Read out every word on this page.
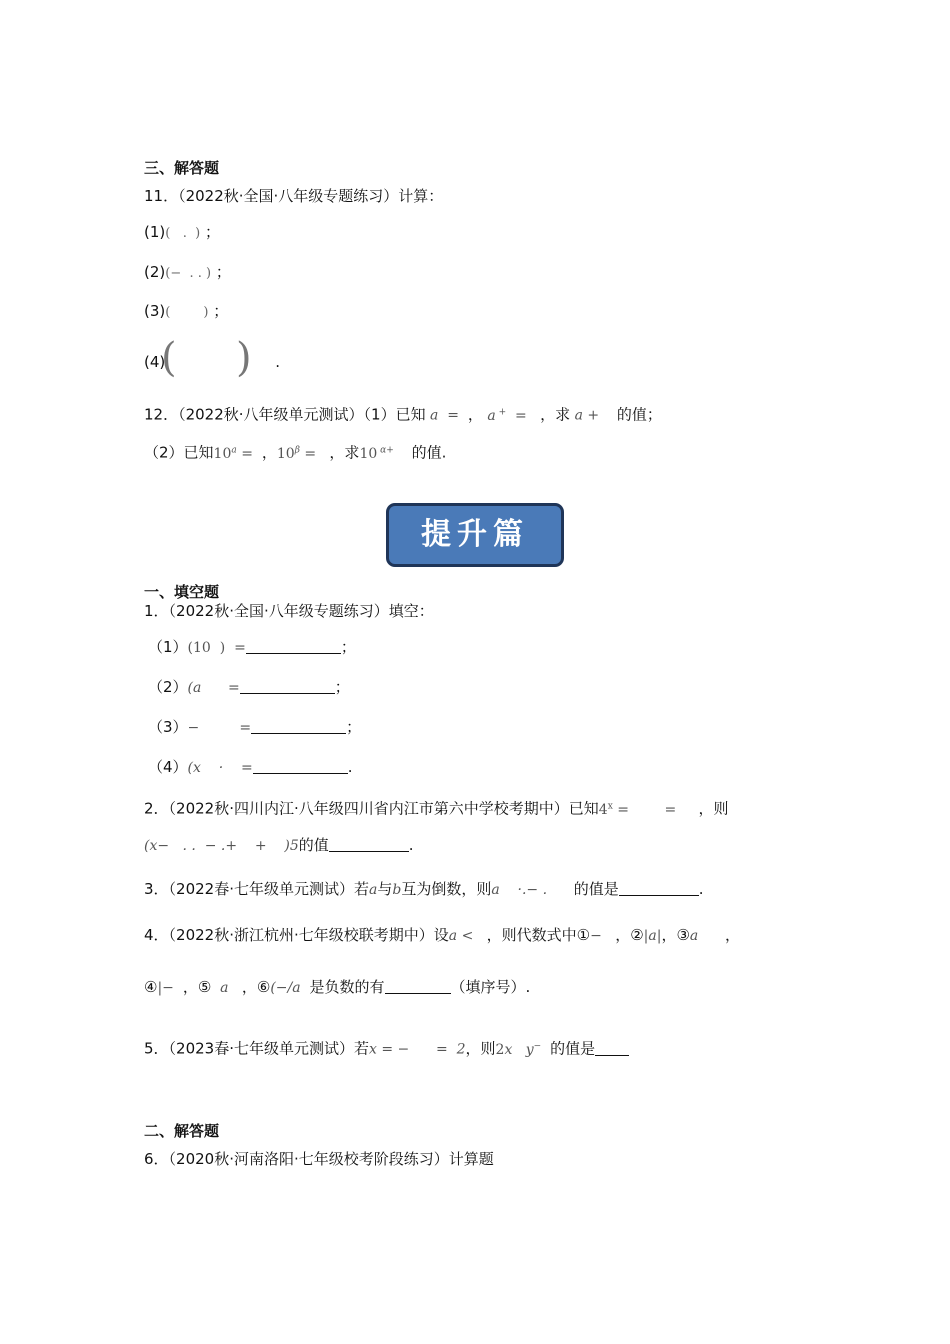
三、解答题
11．（2022秋·全国·八年级专题练习）计算：
(1)(   .  ) ；
(2)(−  . . ) ；
(3)(        ) ；
( )
(4)	.
12．（2022秋·八年级单元测试）（1）已知 a  =  ， a +  =   ，求 a +    的值；
（2）已知$10^a$ =  ，$10^\beta$ =   ，求10 $^{\alpha+}$ 的值.
提升篇
一、填空题
1．（2022秋·全国·八年级专题练习）填空：
（1）(10  )  =	；
（2）(a      =	；
（3）−         =	；
（4）(x    ·    =	.
2．（2022秋·四川内江·八年级四川省内江市第六中学校考期中）已知$4^x$ =        =     ，则
(x−   . .  − .+    +    )5的值	.
3．（2022春·七年级单元测试）若a与b互为倒数，则a    ·.− .      的值是	.
4．（2022秋·浙江杭州·七年级校联考期中）设a <   ，则代数式中①−   ，②|a|，③a      ，
④|−  ，⑤  a   ，⑥(−/a  是负数的有	（填序号）.
5．（2023春·七年级单元测试）若x = −      =  2，则2x y− 的值是
二、解答题
6．（2020秋·河南洛阳·七年级校考阶段练习）计算题
